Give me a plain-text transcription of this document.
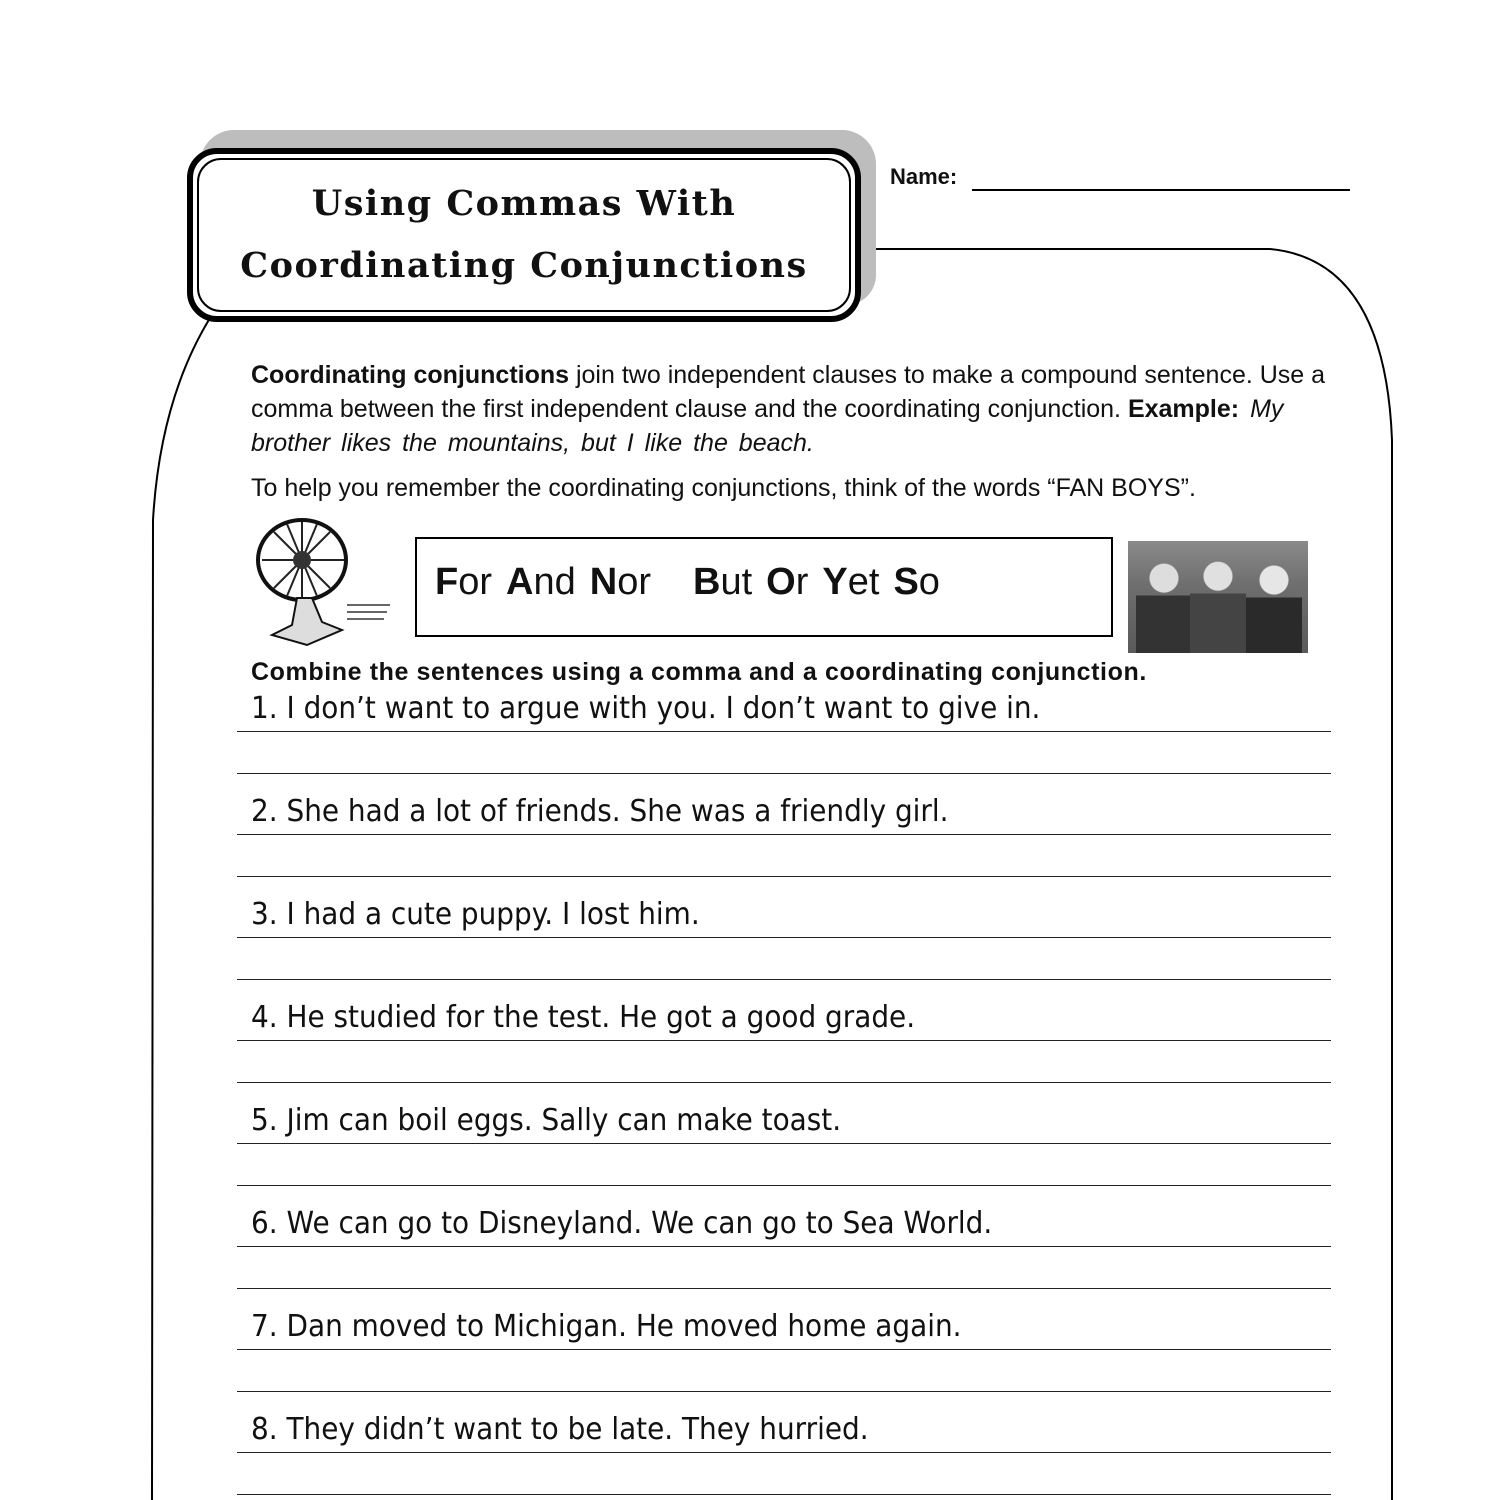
Using Commas With
Coordinating Conjunctions
Name:
Coordinating conjunctions join two independent clauses to make a compound sentence. Use a comma between the first independent clause and the coordinating conjunction. Example: My brother likes the mountains, but I like the beach.
To help you remember the coordinating conjunctions, think of the words “FAN BOYS”.
For And Nor But Or Yet So
Combine the sentences using a comma and a coordinating conjunction.
1. I don’t want to argue with you. I don’t want to give in.
2. She had a lot of friends. She was a friendly girl.
3. I had a cute puppy. I lost him.
4. He studied for the test. He got a good grade.
5. Jim can boil eggs. Sally can make toast.
6. We can go to Disneyland. We can go to Sea World.
7. Dan moved to Michigan. He moved home again.
8. They didn’t want to be late. They hurried.
